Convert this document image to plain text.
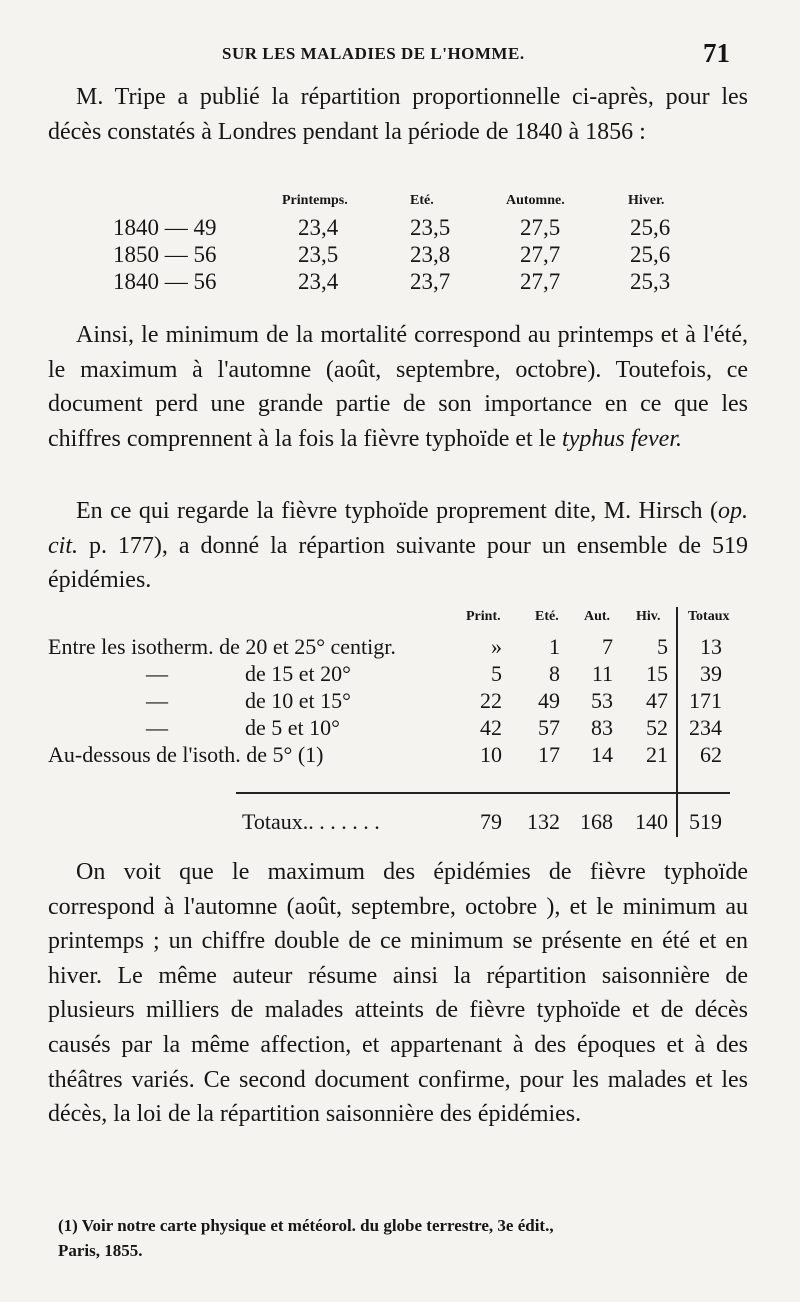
SUR LES MALADIES DE L'HOMME.	71

M. Tripe a publié la répartition proportionnelle ci-après, pour les décès constatés à Londres pendant la période de 1840 à 1856 :

Printemps.	Eté.	Automne.	Hiver.
1840 — 49	23,4	23,5	27,5	25,6
1850 — 56	23,5	23,8	27,7	25,6
1840 — 56	23,4	23,7	27,7	25,3

Ainsi, le minimum de la mortalité correspond au printemps et à l'été, le maximum à l'automne (août, septembre, octobre). Toutefois, ce document perd une grande partie de son importance en ce que les chiffres comprennent à la fois la fièvre typhoïde et le typhus fever.

En ce qui regarde la fièvre typhoïde proprement dite, M. Hirsch (op. cit. p. 177), a donné la répartion suivante pour un ensemble de 519 épidémies.

Print. Eté. Aut. Hiv. Totaux
Entre les isotherm. de 20 et 25° centigr.	»	1	7	5	13
—	de 15 et 20°	5	8	11	15	39
—	de 10 et 15°	22	49	53	47 171
—	de 5 et 10°	42	57	83	52 234
Au-dessous de l'isoth. de 5° (1)	10	17	14	21	62
Totaux.. . . . . . .	79	132 168	140 519

On voit que le maximum des épidémies de fièvre typhoïde correspond à l'automne (août, septembre, octobre ), et le minimum au printemps ; un chiffre double de ce minimum se présente en été et en hiver. Le même auteur résume ainsi la répartition saisonnière de plusieurs milliers de malades atteints de fièvre typhoïde et de décès causés par la même affection, et appartenant à des époques et à des théâtres variés. Ce second document confirme, pour les malades et les décès, la loi de la répartition saisonnière des épidémies.

(1) Voir notre carte physique et météorol. du globe terrestre, 3e édit.,
Paris, 1855.
